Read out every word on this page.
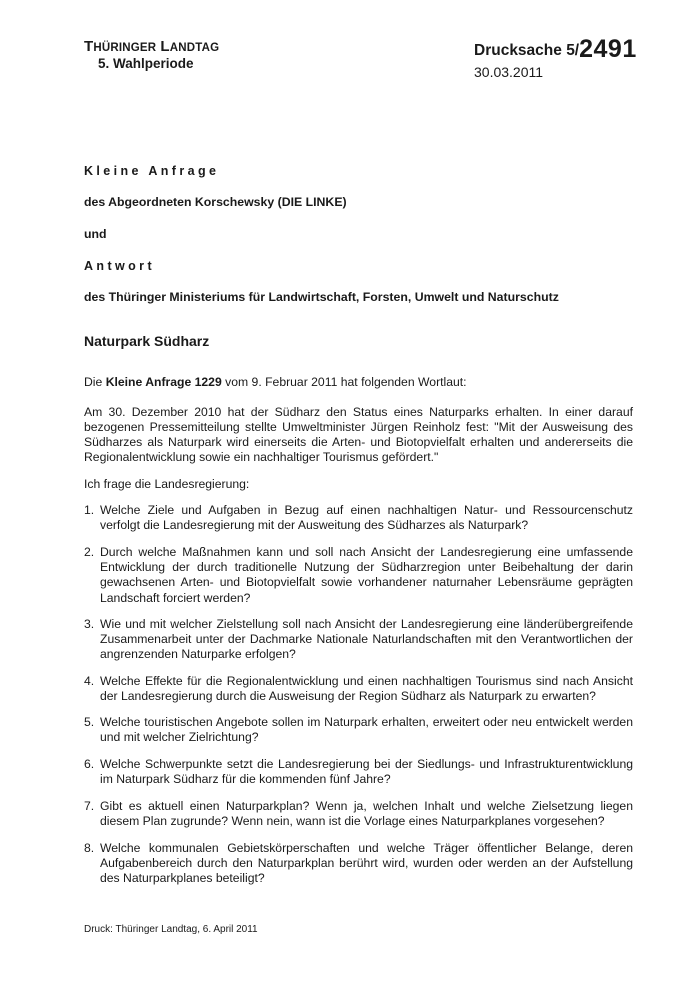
THÜRINGER LANDTAG
5. Wahlperiode
Drucksache 5/2491
30.03.2011
Kleine Anfrage
des Abgeordneten Korschewsky (DIE LINKE)
und
Antwort
des Thüringer Ministeriums für Landwirtschaft, Forsten, Umwelt und Naturschutz
Naturpark Südharz
Die Kleine Anfrage 1229 vom 9. Februar 2011 hat folgenden Wortlaut:
Am 30. Dezember 2010 hat der Südharz den Status eines Naturparks erhalten. In einer darauf bezogenen Pressemitteilung stellte Umweltminister Jürgen Reinholz fest: "Mit der Ausweisung des Südharzes als Naturpark wird einerseits die Arten- und Biotopvielfalt erhalten und andererseits die Regionalentwicklung sowie ein nachhaltiger Tourismus gefördert."
Ich frage die Landesregierung:
1. Welche Ziele und Aufgaben in Bezug auf einen nachhaltigen Natur- und Ressourcenschutz verfolgt die Landesregierung mit der Ausweitung des Südharzes als Naturpark?
2. Durch welche Maßnahmen kann und soll nach Ansicht der Landesregierung eine umfassende Entwicklung der durch traditionelle Nutzung der Südharzregion unter Beibehaltung der darin gewachsenen Arten- und Biotopvielfalt sowie vorhandener naturnaher Lebensräume geprägten Landschaft forciert werden?
3. Wie und mit welcher Zielstellung soll nach Ansicht der Landesregierung eine länderübergreifende Zusammenarbeit unter der Dachmarke Nationale Naturlandschaften mit den Verantwortlichen der angrenzenden Naturparke erfolgen?
4. Welche Effekte für die Regionalentwicklung und einen nachhaltigen Tourismus sind nach Ansicht der Landesregierung durch die Ausweisung der Region Südharz als Naturpark zu erwarten?
5. Welche touristischen Angebote sollen im Naturpark erhalten, erweitert oder neu entwickelt werden und mit welcher Zielrichtung?
6. Welche Schwerpunkte setzt die Landesregierung bei der Siedlungs- und Infrastrukturentwicklung im Naturpark Südharz für die kommenden fünf Jahre?
7. Gibt es aktuell einen Naturparkplan? Wenn ja, welchen Inhalt und welche Zielsetzung liegen diesem Plan zugrunde? Wenn nein, wann ist die Vorlage eines Naturparkplanes vorgesehen?
8. Welche kommunalen Gebietskörperschaften und welche Träger öffentlicher Belange, deren Aufgabenbereich durch den Naturparkplan berührt wird, wurden oder werden an der Aufstellung des Naturparkplanes beteiligt?
Druck: Thüringer Landtag, 6. April 2011
